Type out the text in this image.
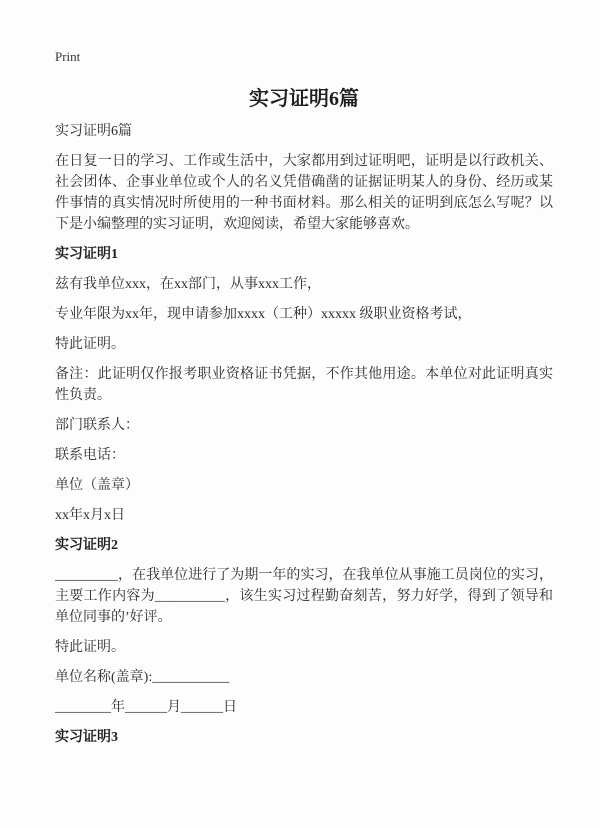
Print
实习证明6篇

实习证明6篇

在日复一日的学习、工作或生活中，大家都用到过证明吧，证明是以行政机关、社会团体、企事业单位或个人的名义凭借确凿的证据证明某人的身份、经历或某件事情的真实情况时所使用的一种书面材料。那么相关的证明到底怎么写呢？以下是小编整理的实习证明，欢迎阅读，希望大家能够喜欢。

实习证明1

兹有我单位xxx，在xx部门，从事xxx工作，

专业年限为xx年，现申请参加xxxx（工种）xxxxx 级职业资格考试，

特此证明。

备注：此证明仅作报考职业资格证书凭据，不作其他用途。本单位对此证明真实性负责。

部门联系人：

联系电话：

单位（盖章）

xx年x月x日

实习证明2

_________，在我单位进行了为期一年的实习，在我单位从事施工员岗位的实习，主要工作内容为__________，该生实习过程勤奋刻苦，努力好学，得到了领导和单位同事的’好评。

特此证明。

单位名称(盖章):___________

________年______月______日

实习证明3
